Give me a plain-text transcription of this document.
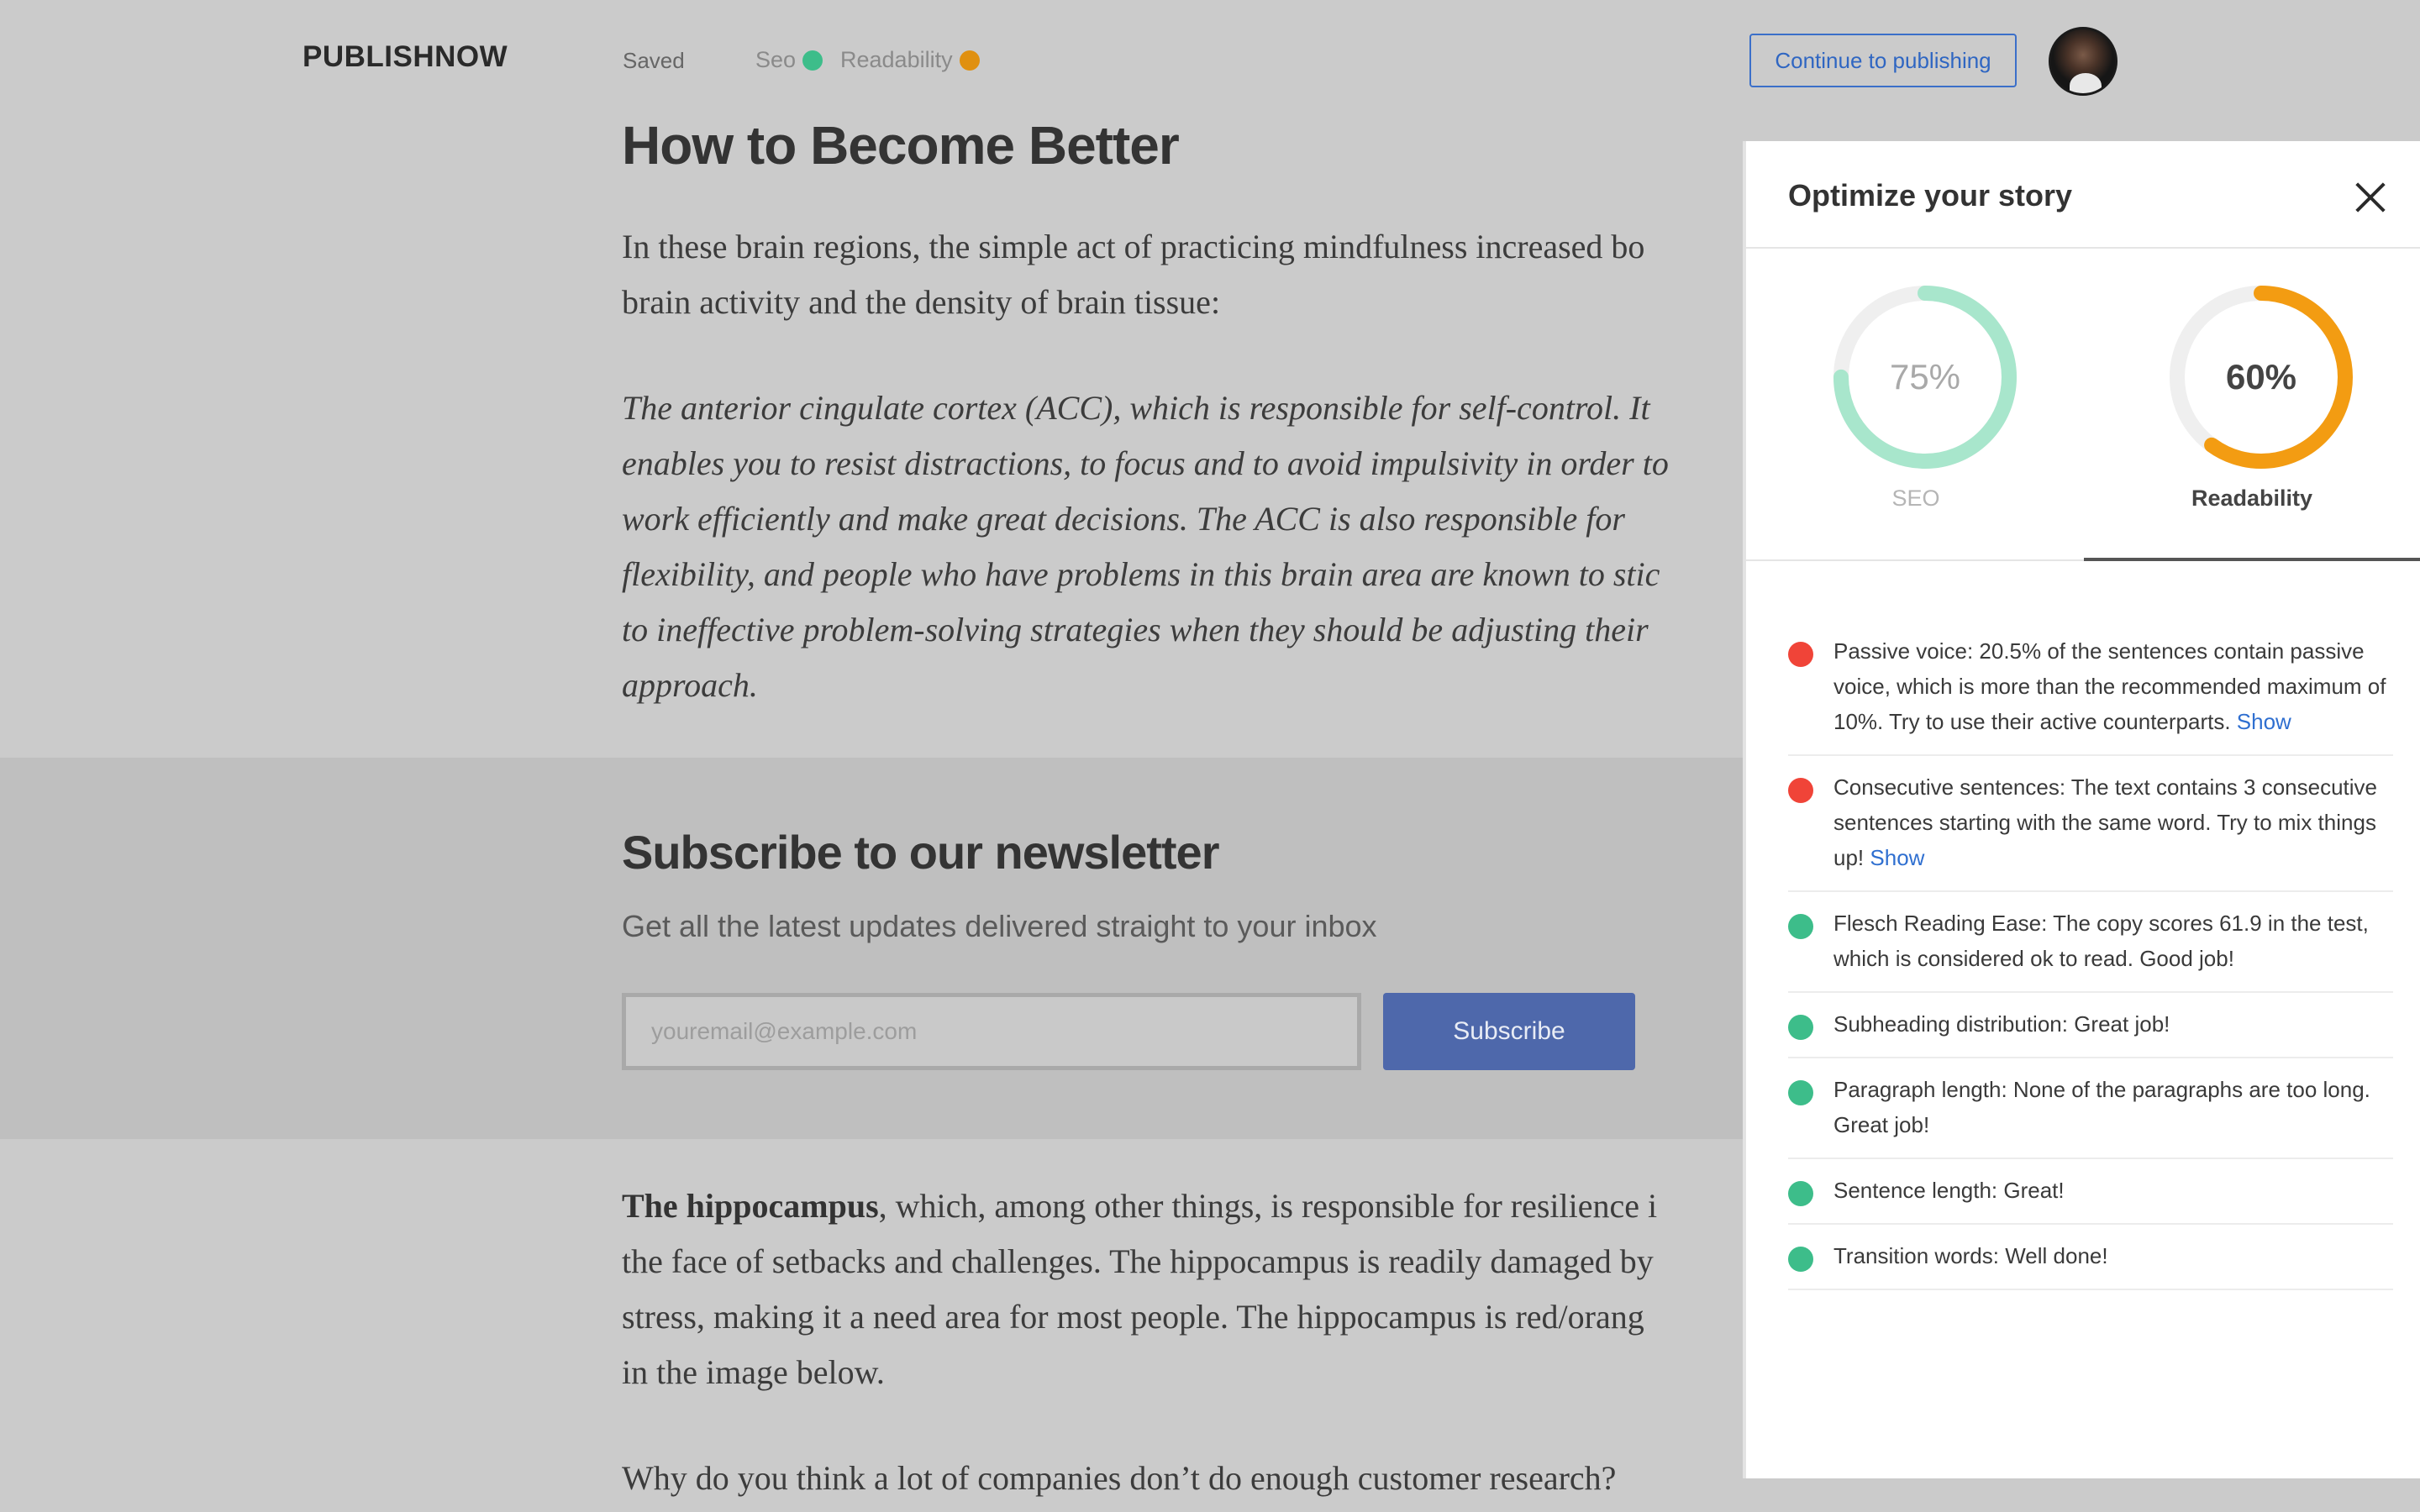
PUBLISHNOW	Saved	Seo Readability	Continue to publishing
How to Become Better
In these brain regions, the simple act of practicing mindfulness increased bo
brain activity and the density of brain tissue:
The anterior cingulate cortex (ACC), which is responsible for self-control. It
enables you to resist distractions, to focus and to avoid impulsivity in order to
work efficiently and make great decisions. The ACC is also responsible for
flexibility, and people who have problems in this brain area are known to stic
to ineffective problem-solving strategies when they should be adjusting their
approach.
Subscribe to our newsletter
Get all the latest updates delivered straight to your inbox
youremail@example.com
Subscribe
The hippocampus, which, among other things, is responsible for resilience i
the face of setbacks and challenges. The hippocampus is readily damaged by
stress, making it a need area for most people. The hippocampus is red/orang
in the image below.
Why do you think a lot of companies don’t do enough customer research?
Optimize your story
75%	60%
SEO	Readability
Passive voice: 20.5% of the sentences contain passive voice, which is more than the recommended maximum of 10%. Try to use their active counterparts. Show
Consecutive sentences: The text contains 3 consecutive sentences starting with the same word. Try to mix things up! Show
Flesch Reading Ease: The copy scores 61.9 in the test, which is considered ok to read. Good job!
Subheading distribution: Great job!
Paragraph length: None of the paragraphs are too long. Great job!
Sentence length: Great!
Transition words: Well done!
